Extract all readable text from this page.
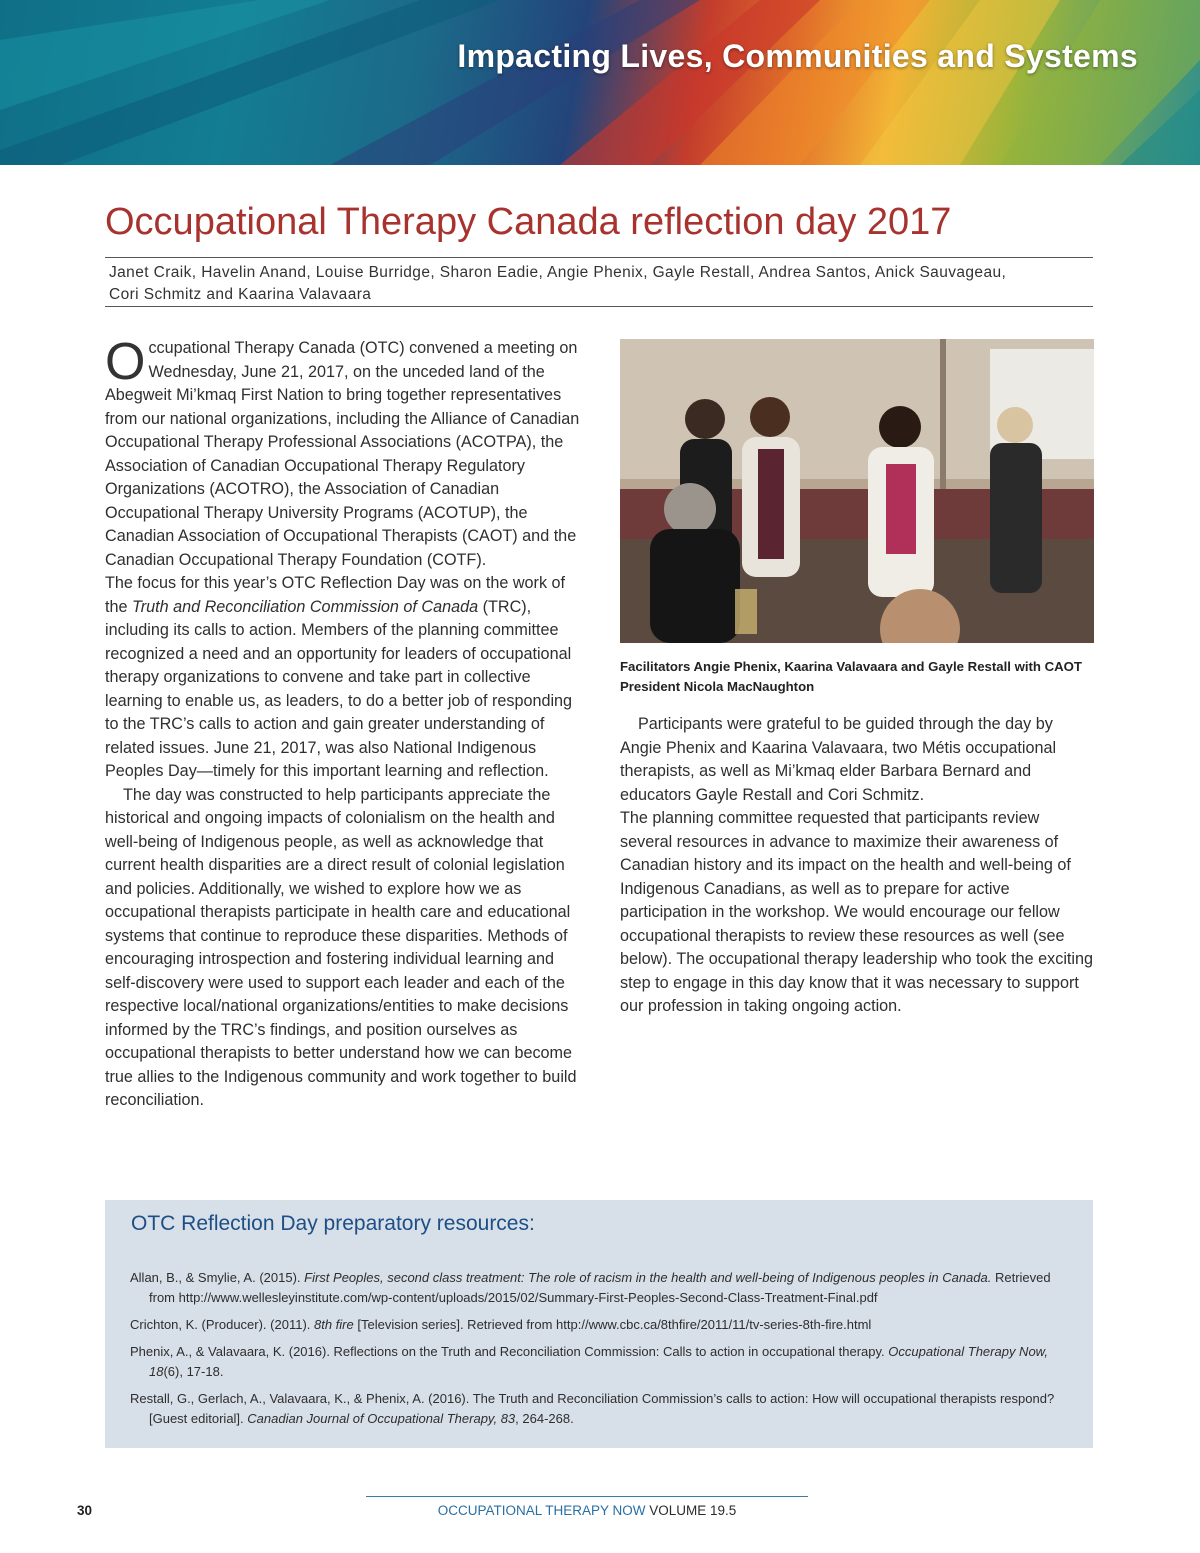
Impacting Lives, Communities and Systems
Occupational Therapy Canada reflection day 2017
Janet Craik, Havelin Anand, Louise Burridge, Sharon Eadie, Angie Phenix, Gayle Restall, Andrea Santos, Anick Sauvageau,
Cori Schmitz and Kaarina Valavaara

Occupational Therapy Canada (OTC) convened a meeting on Wednesday, June 21, 2017, on the unceded land of the Abegweit Mi’kmaq First Nation to bring together representatives from our national organizations, including the Alliance of Canadian Occupational Therapy Professional Associations (ACOTPA), the Association of Canadian Occupational Therapy Regulatory Organizations (ACOTRO), the Association of Canadian Occupational Therapy University Programs (ACOTUP), the Canadian Association of Occupational Therapists (CAOT) and the Canadian Occupational Therapy Foundation (COTF).

The focus for this year’s OTC Reflection Day was on the work of the Truth and Reconciliation Commission of Canada (TRC), including its calls to action. Members of the planning committee recognized a need and an opportunity for leaders of occupational therapy organizations to convene and take part in collective learning to enable us, as leaders, to do a better job of responding to the TRC’s calls to action and gain greater understanding of related issues. June 21, 2017, was also National Indigenous Peoples Day—timely for this important learning and reflection.

The day was constructed to help participants appreciate the historical and ongoing impacts of colonialism on the health and well-being of Indigenous people, as well as acknowledge that current health disparities are a direct result of colonial legislation and policies. Additionally, we wished to explore how we as occupational therapists participate in health care and educational systems that continue to reproduce these disparities. Methods of encouraging introspection and fostering individual learning and self-discovery were used to support each leader and each of the respective local/national organizations/entities to make decisions informed by the TRC’s findings, and position ourselves as occupational therapists to better understand how we can become true allies to the Indigenous community and work together to build reconciliation.

Facilitators Angie Phenix, Kaarina Valavaara and Gayle Restall with CAOT President Nicola MacNaughton

Participants were grateful to be guided through the day by Angie Phenix and Kaarina Valavaara, two Métis occupational therapists, as well as Mi’kmaq elder Barbara Bernard and educators Gayle Restall and Cori Schmitz.

The planning committee requested that participants review several resources in advance to maximize their awareness of Canadian history and its impact on the health and well-being of Indigenous Canadians, as well as to prepare for active participation in the workshop. We would encourage our fellow occupational therapists to review these resources as well (see below). The occupational therapy leadership who took the exciting step to engage in this day know that it was necessary to support our profession in taking ongoing action.

OTC Reflection Day preparatory resources:
Allan, B., & Smylie, A. (2015). First Peoples, second class treatment: The role of racism in the health and well-being of Indigenous peoples in Canada. Retrieved from http://www.wellesleyinstitute.com/wp-content/uploads/2015/02/Summary-First-Peoples-Second-Class-Treatment-Final.pdf
Crichton, K. (Producer). (2011). 8th fire [Television series]. Retrieved from http://www.cbc.ca/8thfire/2011/11/tv-series-8th-fire.html
Phenix, A., & Valavaara, K. (2016). Reflections on the Truth and Reconciliation Commission: Calls to action in occupational therapy. Occupational Therapy Now, 18(6), 17-18.
Restall, G., Gerlach, A., Valavaara, K., & Phenix, A. (2016). The Truth and Reconciliation Commission’s calls to action: How will occupational therapists respond? [Guest editorial]. Canadian Journal of Occupational Therapy, 83, 264-268.
30	OCCUPATIONAL THERAPY NOW VOLUME 19.5
